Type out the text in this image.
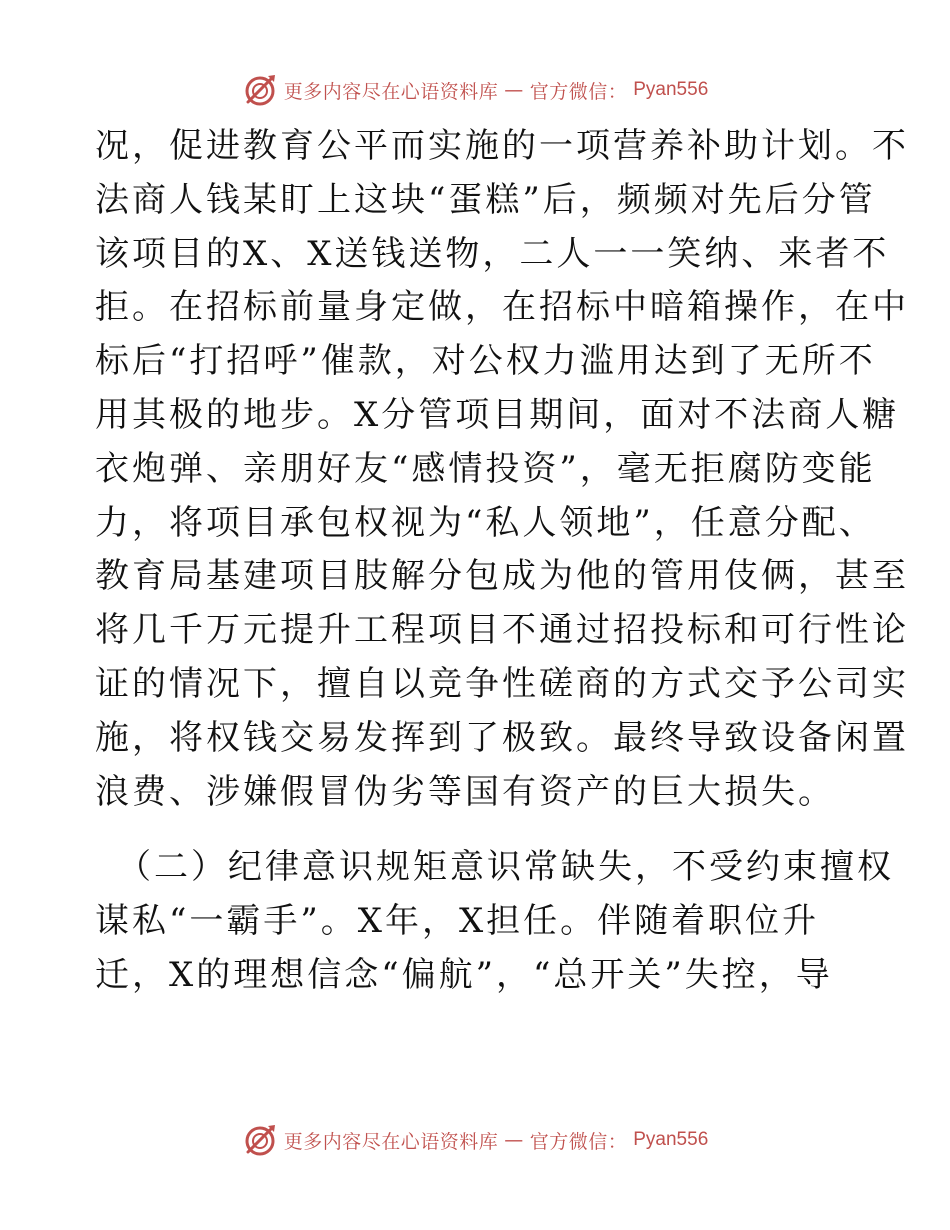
更多内容尽在心语资料库 — 官方微信： Pyan556
况，促进教育公平而实施的一项营养补助计划。不
法商人钱某盯上这块“蛋糕”后，频频对先后分管
该项目的X、X送钱送物，二人一一笑纳、来者不
拒。在招标前量身定做，在招标中暗箱操作，在中
标后“打招呼”催款，对公权力滥用达到了无所不
用其极的地步。X分管项目期间，面对不法商人糖
衣炮弹、亲朋好友“感情投资”，毫无拒腐防变能
力，将项目承包权视为“私人领地”，任意分配、
教育局基建项目肢解分包成为他的管用伎俩，甚至
将几千万元提升工程项目不通过招投标和可行性论
证的情况下，擅自以竞争性磋商的方式交予公司实
施，将权钱交易发挥到了极致。最终导致设备闲置
浪费、涉嫌假冒伪劣等国有资产的巨大损失。
（二）纪律意识规矩意识常缺失，不受约束擅权
谋私“一霸手”。X年，X担任。伴随着职位升
迁，X的理想信念“偏航”，“总开关”失控，导
更多内容尽在心语资料库 — 官方微信： Pyan556
